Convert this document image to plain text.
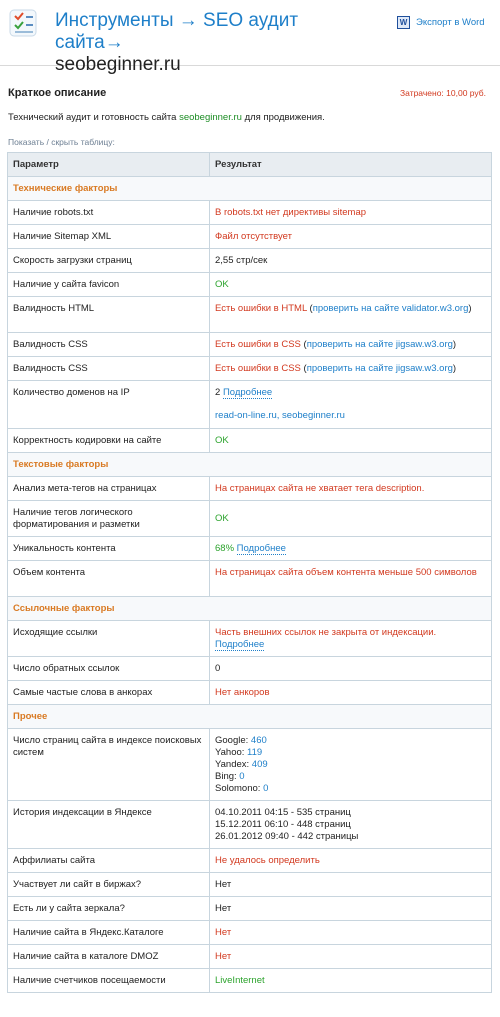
Инструменты → SEO аудит сайта→
seobeginner.ru
W Экспорт в Word
Краткое описание	Затрачено: 10,00 руб.
Технический аудит и готовность сайта seobeginner.ru для продвижения.
Показать / скрыть таблицу:
Параметр	Результат
Технические факторы	
Наличие robots.txt	В robots.txt нет директивы sitemap
Наличие Sitemap XML	Файл отсутствует
Скорость загрузки страниц	2,55 стр/сек
Наличие у сайта favicon	OK
Валидность HTML	Есть ошибки в HTML (проверить на сайте validator.w3.org)
Валидность CSS	Есть ошибки в CSS (проверить на сайте jigsaw.w3.org)
Валидность CSS	Есть ошибки в CSS (проверить на сайте jigsaw.w3.org)
Количество доменов на IP	2 Подробнее
read-on-line.ru, seobeginner.ru

Корректность кодировки на сайте	OK
Текстовые факторы	
Анализ мета-тегов на страницах	На страницах сайта не хватает тега description.
Наличие тегов логического форматирования и разметки	OK
Уникальность контента	68% Подробнее
Объем контента	На страницах сайта объем контента меньше 500 символов
Ссылочные факторы	
Исходящие ссылки	Часть внешних ссылок не закрыта от индексации.
Подробнее
Число обратных ссылок	0
Самые частые слова в анкорах	Нет анкоров
Прочее	
Число страниц сайта в индексе поисковых систем	Google: 460
Yahoo: 119
Yandex: 409
Bing: 0
Solomono: 0

История индексации в Яндексе	04.10.2011 04:15 - 535 страниц
15.12.2011 06:10 - 448 страниц
26.01.2012 09:40 - 442 страницы

Аффилиаты сайта	Не удалось определить
Участвует ли сайт в биржах?	Нет
Есть ли у сайта зеркала?	Нет
Наличие сайта в Яндекс.Каталоге	Нет
Наличие сайта в каталоге DMOZ	Нет
Наличие счетчиков посещаемости	LiveInternet
